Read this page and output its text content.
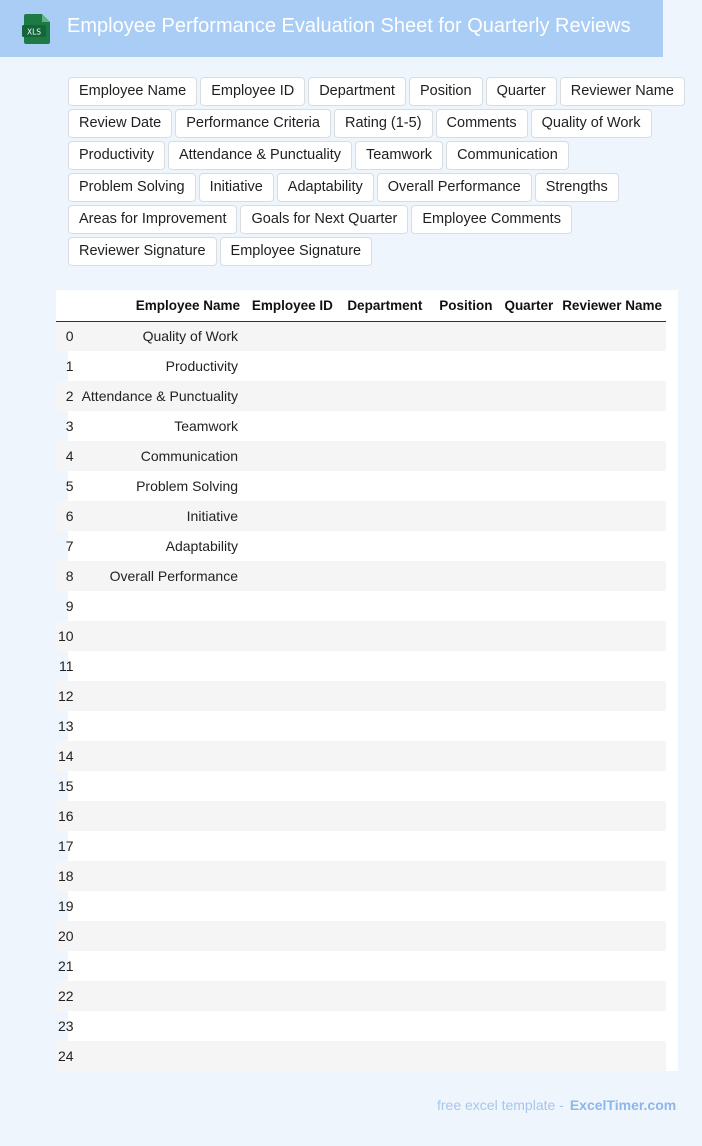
XLS Employee Performance Evaluation Sheet for Quarterly Reviews
Employee Name	Employee ID	Department	Position	Quarter	Reviewer Name
Review Date	Performance Criteria	Rating (1-5)	Comments	Quality of Work
Productivity	Attendance & Punctuality	Teamwork	Communication
Problem Solving	Initiative	Adaptability	Overall Performance	Strengths
Areas for Improvement	Goals for Next Quarter	Employee Comments
Reviewer Signature	Employee Signature
	Employee Name	Employee ID	Department	Position	Quarter	Reviewer Name
0	Quality of Work					
1	Productivity					
2	Attendance & Punctuality					
3	Teamwork					
4	Communication					
5	Problem Solving					
6	Initiative					
7	Adaptability					
8	Overall Performance					
9						
10						
11						
12						
13						
14						
15						
16						
17						
18						
19						
20						
21						
22						
23						
24						
free excel template - ExcelTimer.com
